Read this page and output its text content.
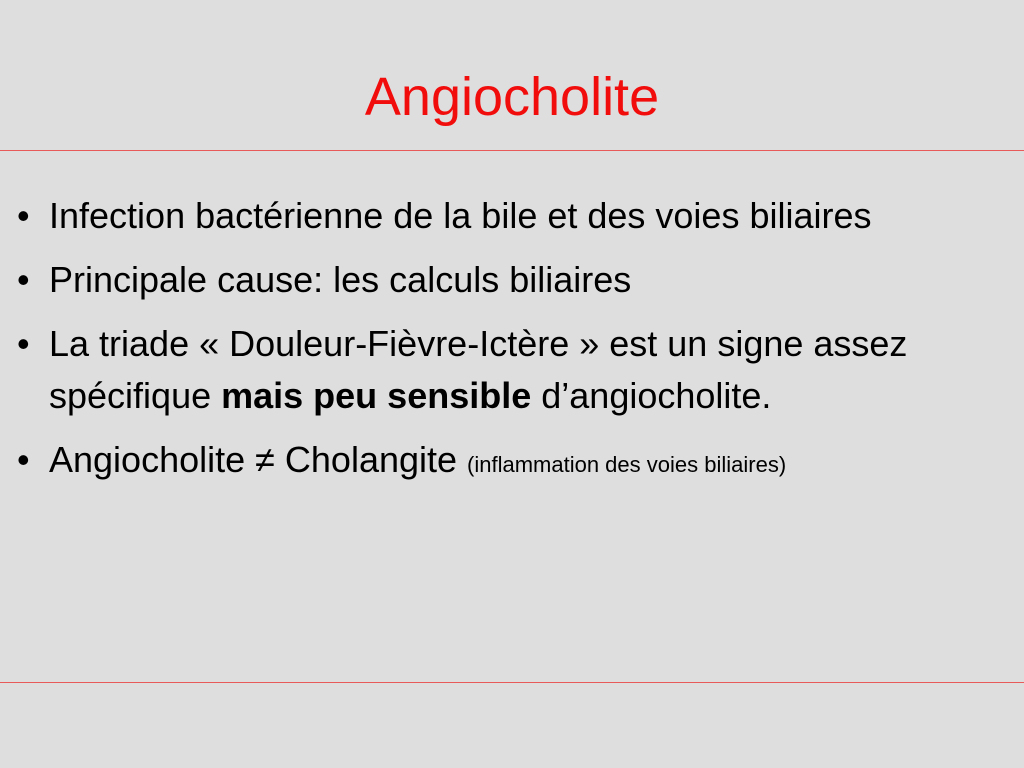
Angiocholite
• Infection bactérienne de la bile et des voies biliaires
• Principale cause: les calculs biliaires
• La triade « Douleur-Fièvre-Ictère » est un signe assez spécifique mais peu sensible d’angiocholite.
• Angiocholite ≠ Cholangite (inflammation des voies biliaires)
